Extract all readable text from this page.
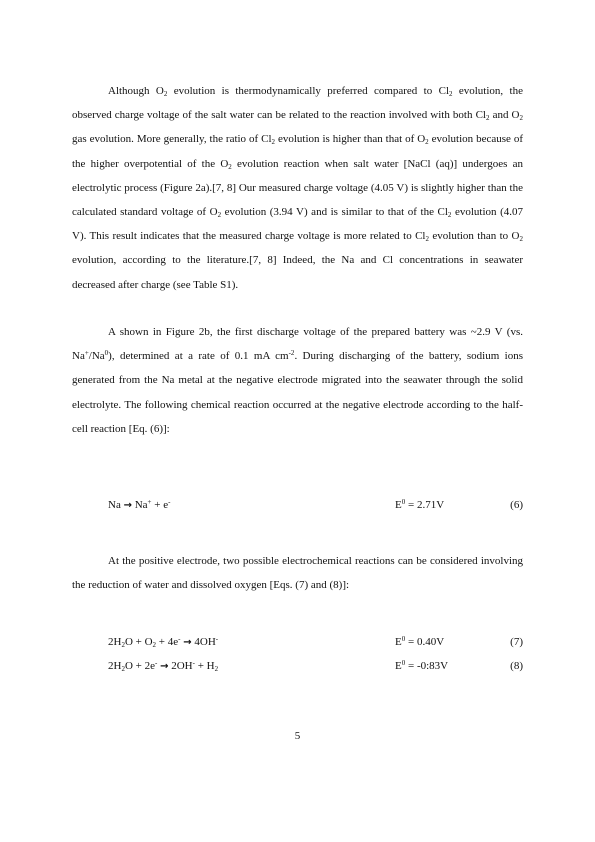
Although $O_2$ evolution is thermodynamically preferred compared to $Cl_2$ evolution, the observed charge voltage of the salt water can be related to the reaction involved with both $Cl_2$ and $O_2$ gas evolution. More generally, the ratio of $Cl_2$ evolution is higher than that of $O_2$ evolution because of the higher overpotential of the $O_2$ evolution reaction when salt water [NaCl (aq)] undergoes an electrolytic process (Figure 2a).[7, 8] Our measured charge voltage (4.05 V) is slightly higher than the calculated standard voltage of $O_2$ evolution (3.94 V) and is similar to that of the $Cl_2$ evolution (4.07 V). This result indicates that the measured charge voltage is more related to $Cl_2$ evolution than to $O_2$ evolution, according to the literature.[7, 8] Indeed, the Na and Cl concentrations in seawater decreased after charge (see Table S1).

A shown in Figure 2b, the first discharge voltage of the prepared battery was ~2.9 V (vs. Na+/Na$^0$), determined at a rate of 0.1 mA $cm^{-2}$. During discharging of the battery, sodium ions generated from the Na metal at the negative electrode migrated into the seawater through the solid electrolyte. The following chemical reaction occurred at the negative electrode according to the half-cell reaction [Eq. (6)]:

Na → Na+ + e-	$E^0 = 2.71V$	(6)

At the positive electrode, two possible electrochemical reactions can be considered involving the reduction of water and dissolved oxygen [Eqs. (7) and (8)]:

$2H_2O + O_2 + 4e^- \to 4OH^-$	$E^0 = 0.40V$	(7)
$2H_2O + 2e^- \to 2OH^- + H_2$	$E^0$ = -0:83V	(8)
5
